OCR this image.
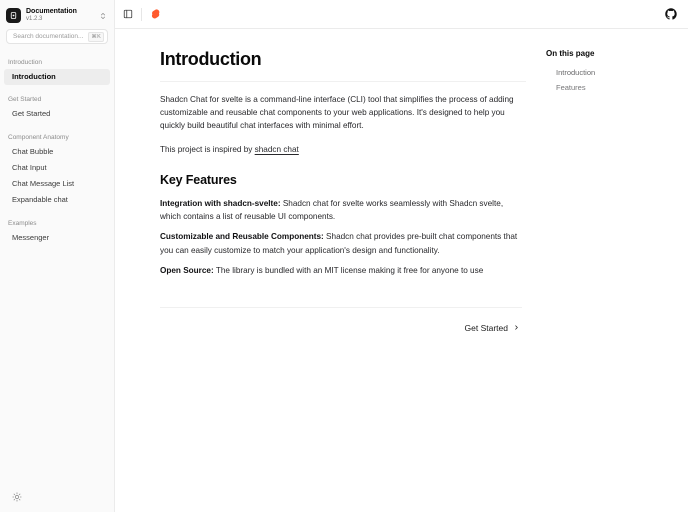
Documentation
v1.2.3
Search documentation...
⌘K
Introduction
Introduction
Get Started
Get Started
Component Anatomy
Chat Bubble
Chat Input
Chat Message List
Expandable chat
Examples
Messenger
Introduction

Shadcn Chat for svelte is a command-line interface (CLI) tool that simplifies the process of adding customizable and reusable chat components to your web applications. It's designed to help you quickly build beautiful chat interfaces with minimal effort.

This project is inspired by shadcn chat

Key Features
Integration with shadcn-svelte: Shadcn chat for svelte works seamlessly with Shadcn svelte, which contains a list of reusable UI components.
Customizable and Reusable Components: Shadcn chat provides pre-built chat components that you can easily customize to match your application's design and functionality.
Open Source: The library is bundled with an MIT license making it free for anyone to use
Get Started
On this page
Introduction
Features
